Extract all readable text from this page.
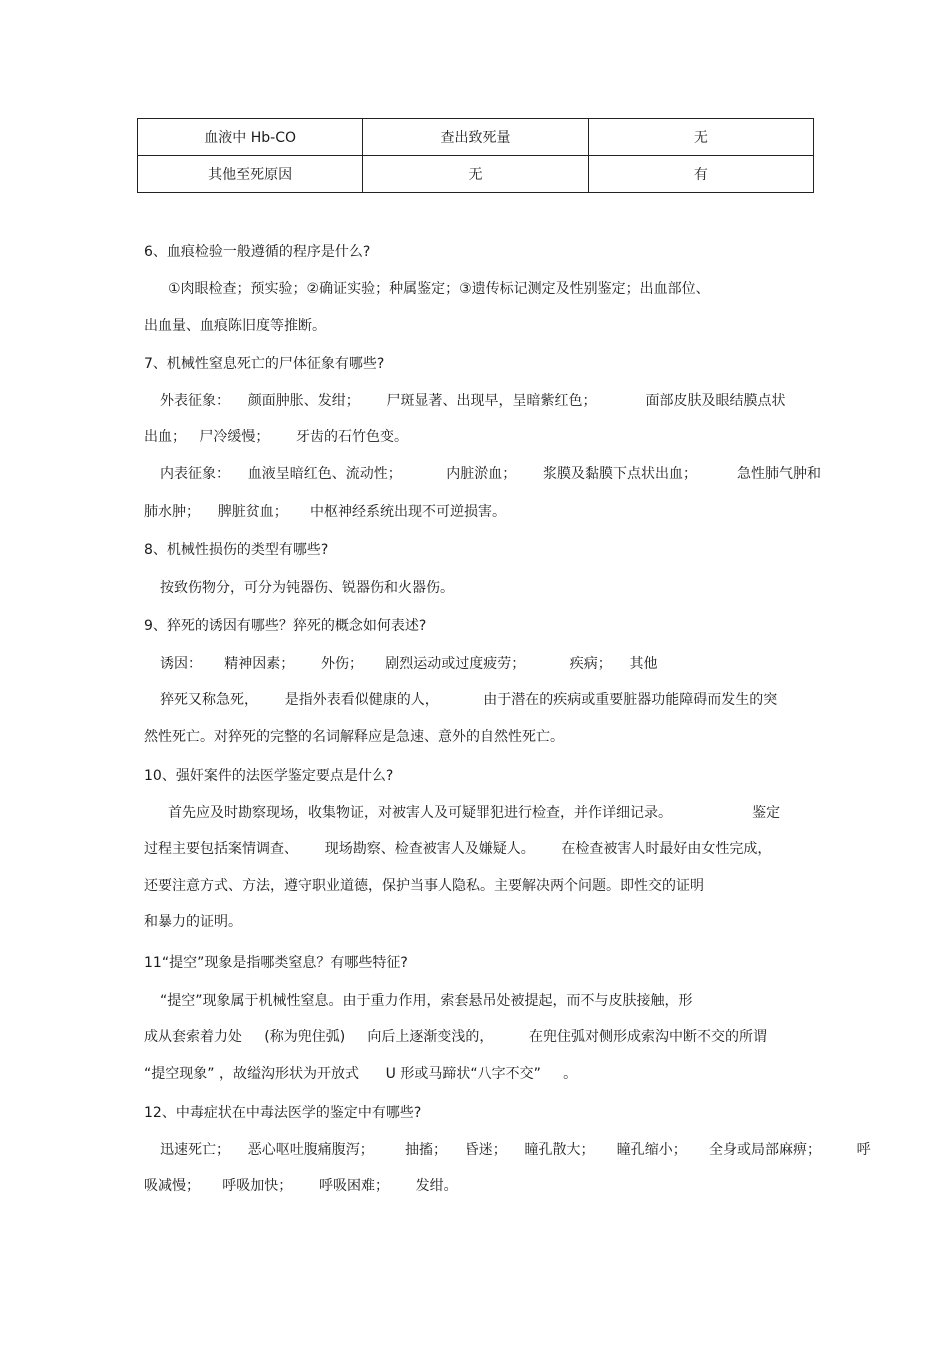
血液中 Hb-CO	查出致死量	无
其他至死原因	无	有
6、血痕检验一般遵循的程序是什么?
①肉眼检查；预实验；②确证实验；种属鉴定；③遗传标记测定及性别鉴定；出血部位、
出血量、血痕陈旧度等推断。
7、机械性窒息死亡的尸体征象有哪些?
外表征象：    颜面肿胀、发绀；      尸斑显著、出现早，呈暗紫红色；           面部皮肤及眼结膜点状
出血；   尸冷缓慢；      牙齿的石竹色变。
内表征象：    血液呈暗红色、流动性；          内脏淤血；      浆膜及黏膜下点状出血；         急性肺气肿和
肺水肿；    脾脏贫血；     中枢神经系统出现不可逆损害。
8、机械性损伤的类型有哪些?
按致伤物分，可分为钝器伤、锐器伤和火器伤。
9、猝死的诱因有哪些？猝死的概念如何表述?
诱因：     精神因素；      外伤；     剧烈运动或过度疲劳；          疾病；    其他
猝死又称急死，      是指外表看似健康的人，          由于潜在的疾病或重要脏器功能障碍而发生的突
然性死亡。对猝死的完整的名词解释应是急速、意外的自然性死亡。
10、强奸案件的法医学鉴定要点是什么?
首先应及时勘察现场，收集物证，对被害人及可疑罪犯进行检查，并作详细记录。                  鉴定
过程主要包括案情调查、      现场勘察、检查被害人及嫌疑人。      在检查被害人时最好由女性完成，
还要注意方式、方法，遵守职业道德，保护当事人隐私。主要解决两个问题。即性交的证明
和暴力的证明。
11“提空”现象是指哪类窒息？有哪些特征?
“提空”现象属于机械性窒息。由于重力作用，索套悬吊处被提起，而不与皮肤接触，形
成从套索着力处     (称为兜住弧)     向后上逐渐变浅的，        在兜住弧对侧形成索沟中断不交的所谓
“提空现象” ，故缢沟形状为开放式      U 形或马蹄状“八字不交”     。
12、中毒症状在中毒法医学的鉴定中有哪些?
迅速死亡；    恶心呕吐腹痛腹泻；       抽搐；    昏迷；    瞳孔散大；     瞳孔缩小；     全身或局部麻痹；        呼
吸减慢；     呼吸加快；      呼吸困难；      发绀。
